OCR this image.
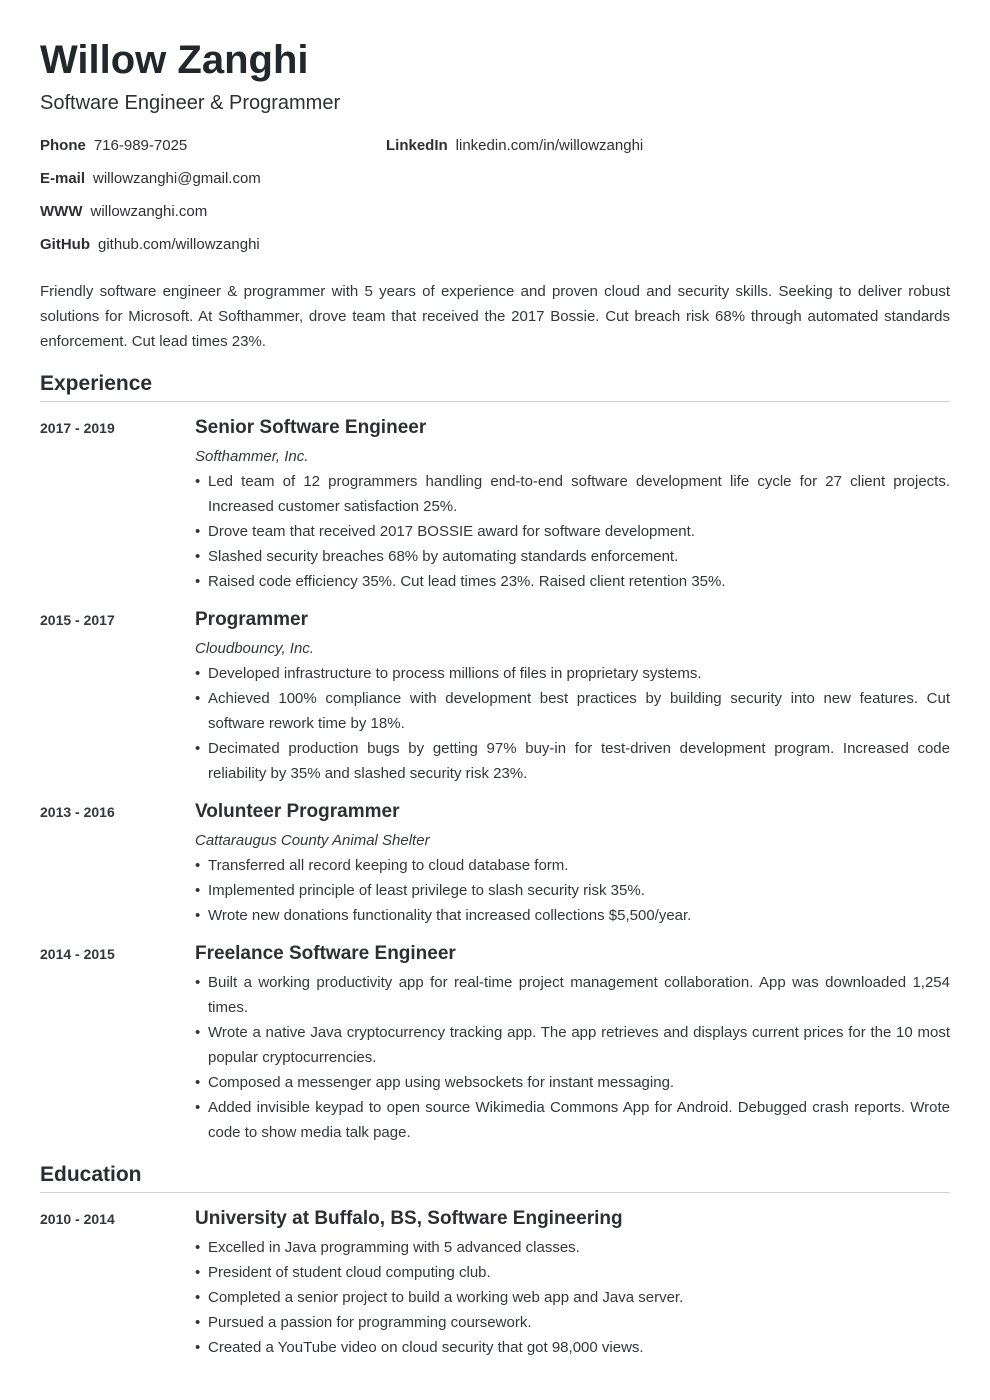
Willow Zanghi
Software Engineer & Programmer
Phone 716-989-7025	LinkedIn linkedin.com/in/willowzanghi
E-mail willowzanghi@gmail.com
WWW willowzanghi.com
GitHub github.com/willowzanghi
Friendly software engineer & programmer with 5 years of experience and proven cloud and security skills. Seeking to deliver robust solutions for Microsoft. At Softhammer, drove team that received the 2017 Bossie. Cut breach risk 68% through automated standards enforcement. Cut lead times 23%.
Experience
2017 - 2019	Senior Software Engineer
Softhammer, Inc.
• Led team of 12 programmers handling end-to-end software development life cycle for 27 client projects. Increased customer satisfaction 25%.
• Drove team that received 2017 BOSSIE award for software development.
• Slashed security breaches 68% by automating standards enforcement.
• Raised code efficiency 35%. Cut lead times 23%. Raised client retention 35%.
2015 - 2017	Programmer
Cloudbouncy, Inc.
• Developed infrastructure to process millions of files in proprietary systems.
• Achieved 100% compliance with development best practices by building security into new features. Cut software rework time by 18%.
• Decimated production bugs by getting 97% buy-in for test-driven development program. Increased code reliability by 35% and slashed security risk 23%.
2013 - 2016	Volunteer Programmer
Cattaraugus County Animal Shelter
• Transferred all record keeping to cloud database form.
• Implemented principle of least privilege to slash security risk 35%.
• Wrote new donations functionality that increased collections $5,500/year.
2014 - 2015	Freelance Software Engineer
• Built a working productivity app for real-time project management collaboration. App was downloaded 1,254 times.
• Wrote a native Java cryptocurrency tracking app. The app retrieves and displays current prices for the 10 most popular cryptocurrencies.
• Composed a messenger app using websockets for instant messaging.
• Added invisible keypad to open source Wikimedia Commons App for Android. Debugged crash reports. Wrote code to show media talk page.
Education
2010 - 2014	University at Buffalo, BS, Software Engineering
• Excelled in Java programming with 5 advanced classes.
• President of student cloud computing club.
• Completed a senior project to build a working web app and Java server.
• Pursued a passion for programming coursework.
• Created a YouTube video on cloud security that got 98,000 views.
